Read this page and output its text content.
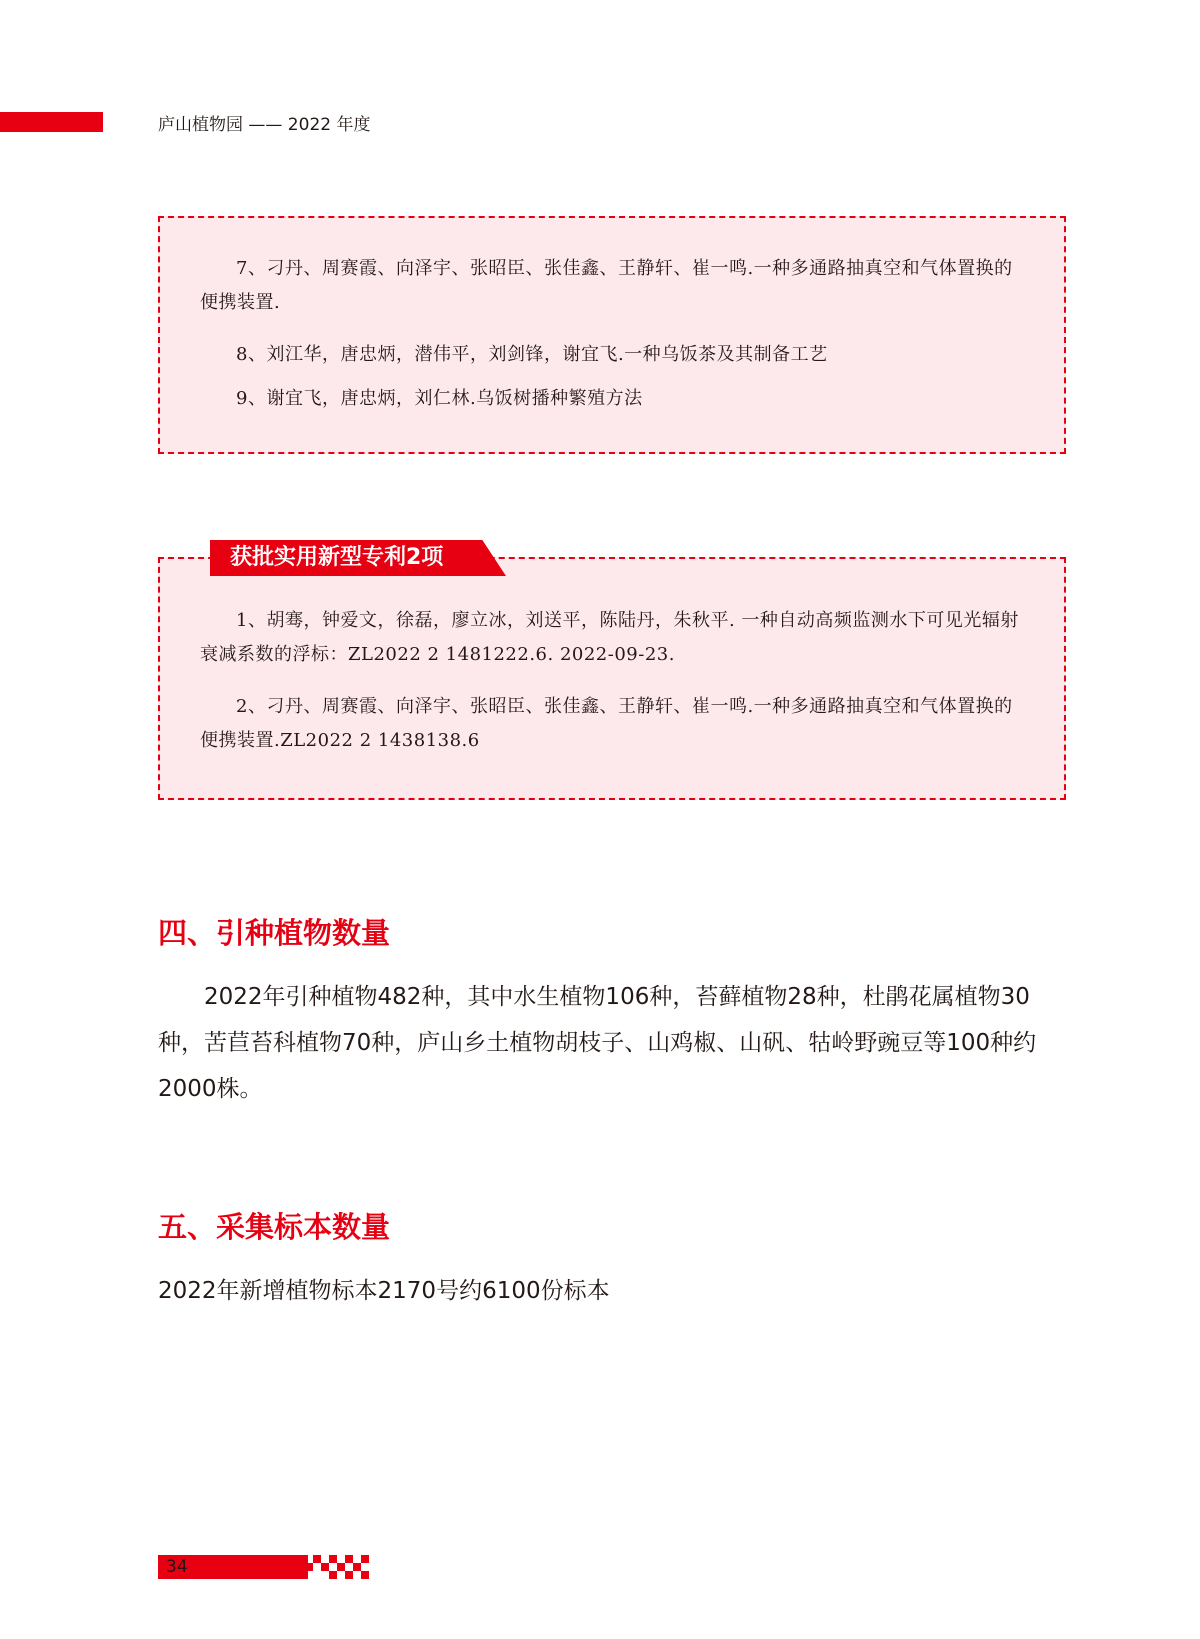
庐山植物园 —— 2022 年度

7、刁丹、周赛霞、向泽宇、张昭臣、张佳鑫、王静轩、崔一鸣.一种多通路抽真空和气体置换的便携装置.

8、刘江华，唐忠炳，潜伟平，刘剑锋，谢宜飞.一种乌饭茶及其制备工艺

9、谢宜飞，唐忠炳，刘仁林.乌饭树播种繁殖方法

获批实用新型专利2项

1、胡骞，钟爱文，徐磊，廖立冰，刘送平，陈陆丹，朱秋平. 一种自动高频监测水下可见光辐射衰减系数的浮标：ZL2022 2 1481222.6. 2022-09-23.

2、刁丹、周赛霞、向泽宇、张昭臣、张佳鑫、王静轩、崔一鸣.一种多通路抽真空和气体置换的便携装置.ZL2022 2 1438138.6

四、引种植物数量

2022年引种植物482种，其中水生植物106种，苔藓植物28种，杜鹃花属植物30种，苦苣苔科植物70种，庐山乡土植物胡枝子、山鸡椒、山矾、牯岭野豌豆等100种约2000株。

五、采集标本数量

2022年新增植物标本2170号约6100份标本

34
